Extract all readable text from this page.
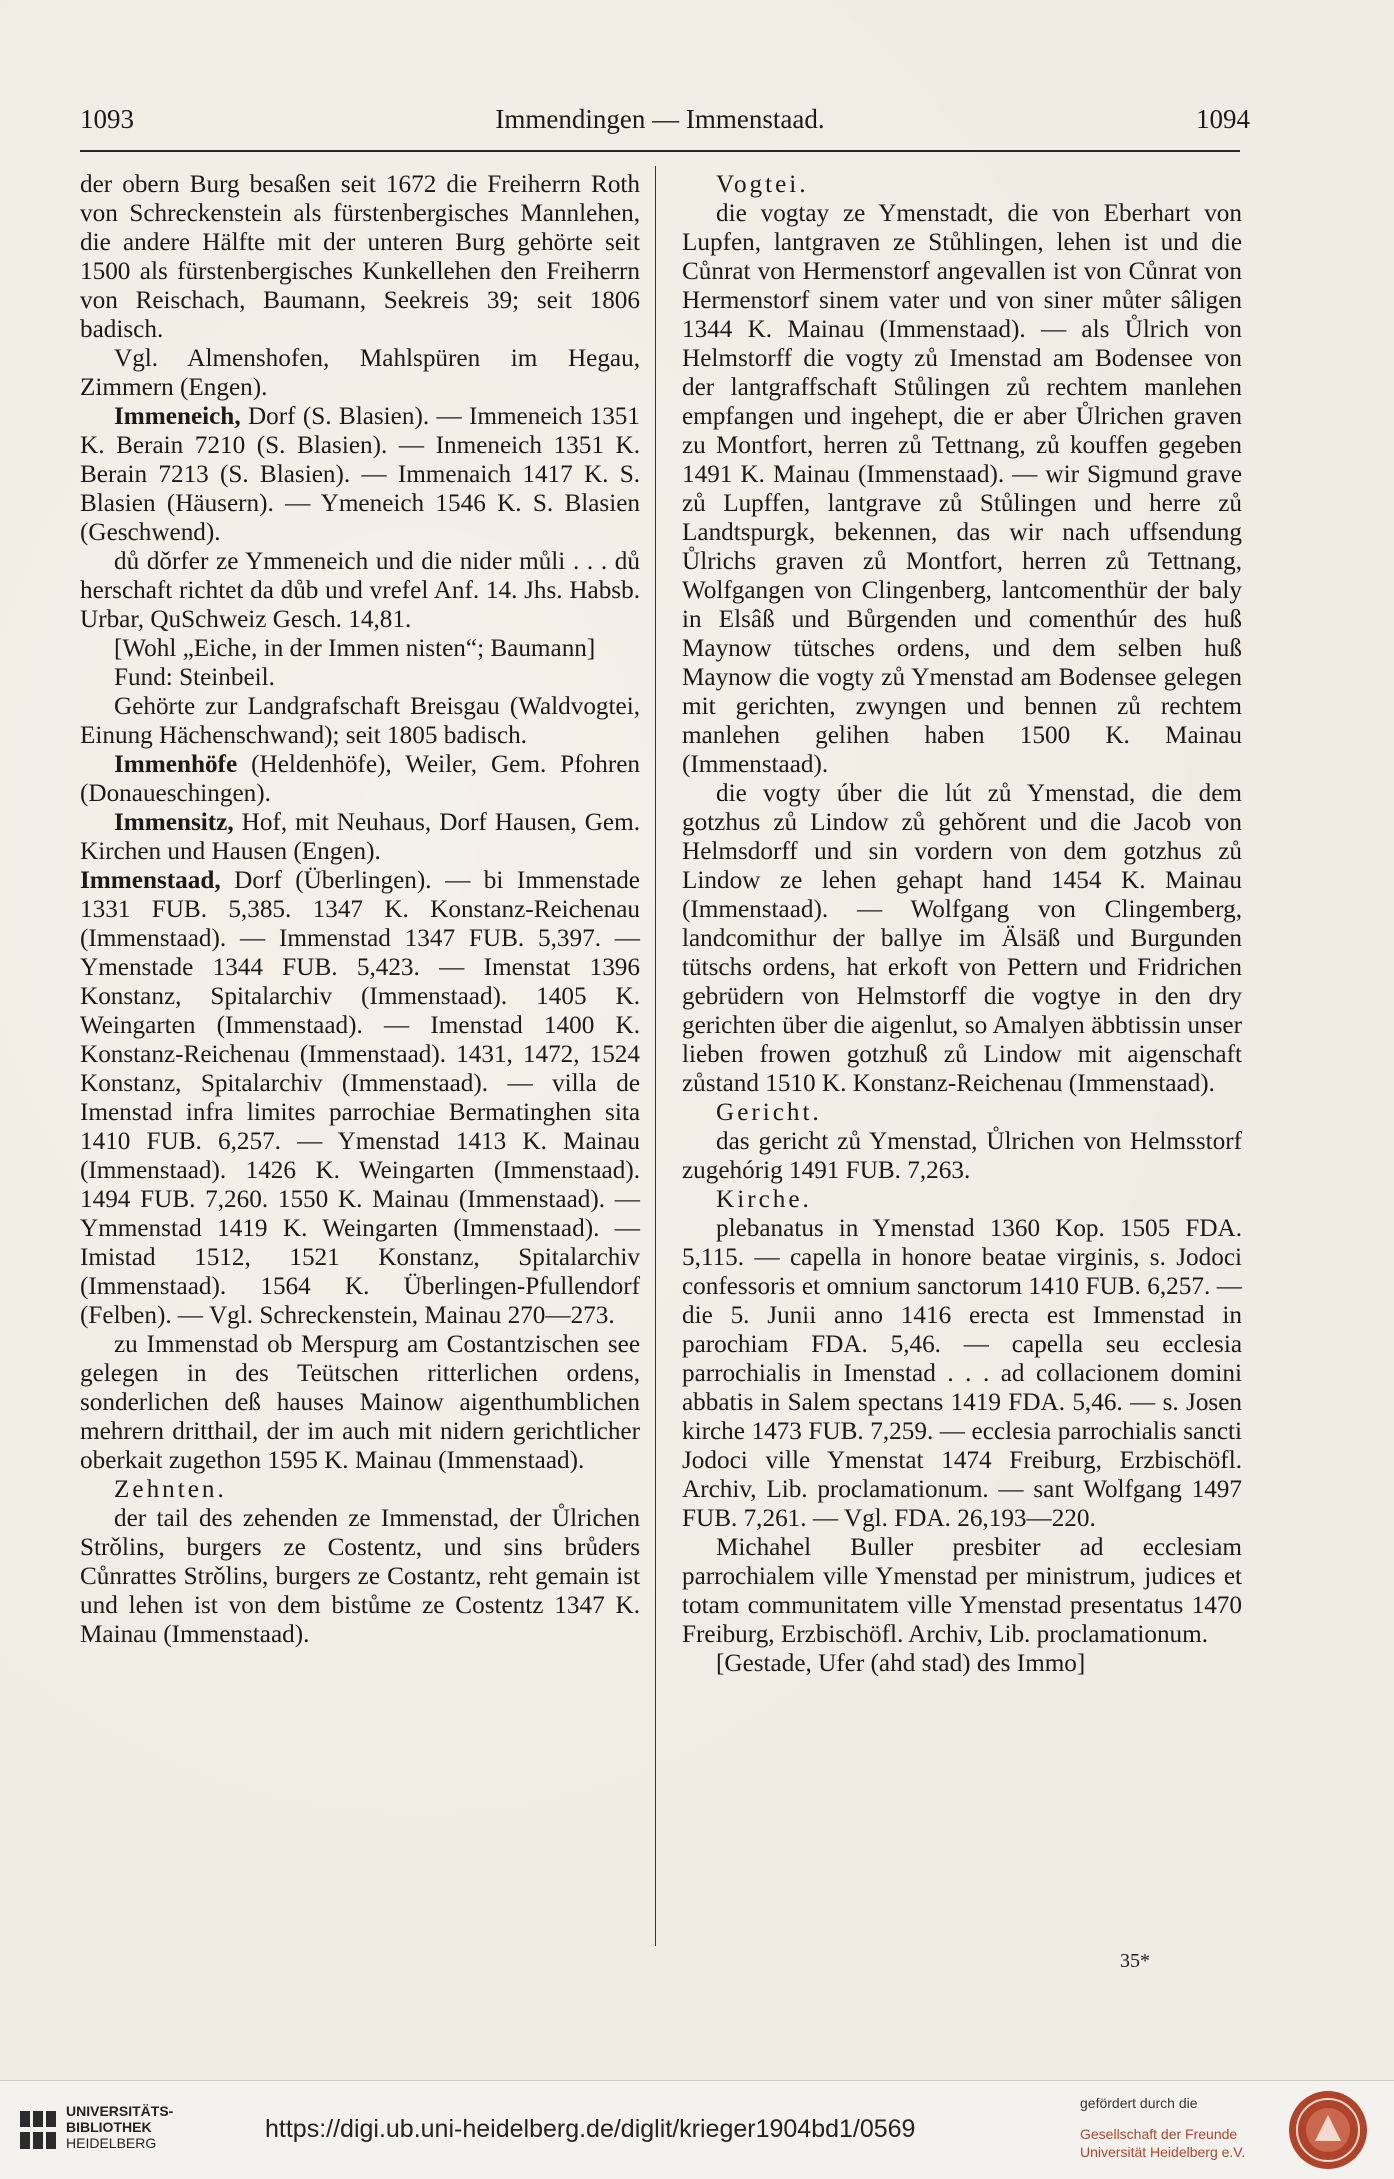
1093	Immendingen — Immenstaad.	1094

der obern Burg besaßen seit 1672 die Freiherrn Roth von Schreckenstein als fürstenbergisches Mannlehen, die andere Hälfte mit der unteren Burg gehörte seit 1500 als fürstenbergisches Kunkellehen den Freiherrn von Reischach, Baumann, Seekreis 39; seit 1806 badisch.

Vgl. Almenshofen, Mahlspüren im Hegau, Zimmern (Engen).

Immeneich, Dorf (S. Blasien). — Immeneich 1351 K. Berain 7210 (S. Blasien). — Inmeneich 1351 K. Berain 7213 (S. Blasien). — Immenaich 1417 K. S. Blasien (Häusern). — Ymeneich 1546 K. S. Blasien (Geschwend).

dů dǒrfer ze Ymmeneich und die nider můli . . . dů herschaft richtet da důb und vrefel Anf. 14. Jhs. Habsb. Urbar, QuSchweiz Gesch. 14,81.

[Wohl „Eiche, in der Immen nisten“; Baumann]

Fund: Steinbeil.

Gehörte zur Landgrafschaft Breisgau (Waldvogtei, Einung Hächenschwand); seit 1805 badisch.

Immenhöfe (Heldenhöfe), Weiler, Gem. Pfohren (Donaueschingen).

Immensitz, Hof, mit Neuhaus, Dorf Hausen, Gem. Kirchen und Hausen (Engen).

Immenstaad, Dorf (Überlingen). — bi Immenstade 1331 FUB. 5,385. 1347 K. Konstanz-Reichenau (Immenstaad). — Immenstad 1347 FUB. 5,397. — Ymenstade 1344 FUB. 5,423. — Imenstat 1396 Konstanz, Spitalarchiv (Immenstaad). 1405 K. Weingarten (Immenstaad). — Imenstad 1400 K. Konstanz-Reichenau (Immenstaad). 1431, 1472, 1524 Konstanz, Spitalarchiv (Immenstaad). — villa de Imenstad infra limites parrochiae Bermatinghen sita 1410 FUB. 6,257. — Ymenstad 1413 K. Mainau (Immenstaad). 1426 K. Weingarten (Immenstaad). 1494 FUB. 7,260. 1550 K. Mainau (Immenstaad). — Ymmenstad 1419 K. Weingarten (Immenstaad). — Imistad 1512, 1521 Konstanz, Spitalarchiv (Immenstaad). 1564 K. Überlingen-Pfullendorf (Felben). — Vgl. Schreckenstein, Mainau 270—273.

zu Immenstad ob Merspurg am Costantzischen see gelegen in des Teütschen ritterlichen ordens, sonderlichen deß hauses Mainow aigenthumblichen mehrern dritthail, der im auch mit nidern gerichtlicher oberkait zugethon 1595 K. Mainau (Immenstaad).

Zehnten.

der tail des zehenden ze Immenstad, der Ůlrichen Strǒlins, burgers ze Costentz, und sins brůders Cůnrattes Strǒlins, burgers ze Costantz, reht gemain ist und lehen ist von dem bistůme ze Costentz 1347 K. Mainau (Immenstaad).

Vogtei.

die vogtay ze Ymenstadt, die von Eberhart von Lupfen, lantgraven ze Stůhlingen, lehen ist und die Cůnrat von Hermenstorf angevallen ist von Cůnrat von Hermenstorf sinem vater und von siner můter sâligen 1344 K. Mainau (Immenstaad). — als Ůlrich von Helmstorff die vogty zů Imenstad am Bodensee von der lantgraffschaft Stůlingen zů rechtem manlehen empfangen und ingehept, die er aber Ůlrichen graven zu Montfort, herren zů Tettnang, zů kouffen gegeben 1491 K. Mainau (Immenstaad). — wir Sigmund grave zů Lupffen, lantgrave zů Stůlingen und herre zů Landtspurgk, bekennen, das wir nach uffsendung Ůlrichs graven zů Montfort, herren zů Tettnang, Wolfgangen von Clingenberg, lantcomenthür der baly in Elsâß und Bůrgenden und comenthúr des huß Maynow tütsches ordens, und dem selben huß Maynow die vogty zů Ymenstad am Bodensee gelegen mit gerichten, zwyngen und bennen zů rechtem manlehen gelihen haben 1500 K. Mainau (Immenstaad).

die vogty úber die lút zů Ymenstad, die dem gotzhus zů Lindow zů gehǒrent und die Jacob von Helmsdorff und sin vordern von dem gotzhus zů Lindow ze lehen gehapt hand 1454 K. Mainau (Immenstaad). — Wolfgang von Clingemberg, landcomithur der ballye im Älsäß und Burgunden tütschs ordens, hat erkoft von Pettern und Fridrichen gebrüdern von Helmstorff die vogtye in den dry gerichten über die aigenlut, so Amalyen äbbtissin unser lieben frowen gotzhuß zů Lindow mit aigenschaft zůstand 1510 K. Konstanz-Reichenau (Immenstaad).

Gericht.

das gericht zů Ymenstad, Ůlrichen von Helmsstorf zugehórig 1491 FUB. 7,263.

Kirche.

plebanatus in Ymenstad 1360 Kop. 1505 FDA. 5,115. — capella in honore beatae virginis, s. Jodoci confessoris et omnium sanctorum 1410 FUB. 6,257. — die 5. Junii anno 1416 erecta est Immenstad in parochiam FDA. 5,46. — capella seu ecclesia parrochialis in Imenstad . . . ad collacionem domini abbatis in Salem spectans 1419 FDA. 5,46. — s. Josen kirche 1473 FUB. 7,259. — ecclesia parrochialis sancti Jodoci ville Ymenstat 1474 Freiburg, Erzbischöfl. Archiv, Lib. proclamationum. — sant Wolfgang 1497 FUB. 7,261. — Vgl. FDA. 26,193—220.

Michahel Buller presbiter ad ecclesiam parrochialem ville Ymenstad per ministrum, judices et totam communitatem ville Ymenstad presentatus 1470 Freiburg, Erzbischöfl. Archiv, Lib. proclamationum.

[Gestade, Ufer (ahd stad) des Immo]

35*
UNIVERSITÄTS-
BIBLIOTHEK
HEIDELBERG	https://digi.ub.uni-heidelberg.de/diglit/krieger1904bd1/0569
gefördert durch die
Gesellschaft der Freunde
Universität Heidelberg e.V.
